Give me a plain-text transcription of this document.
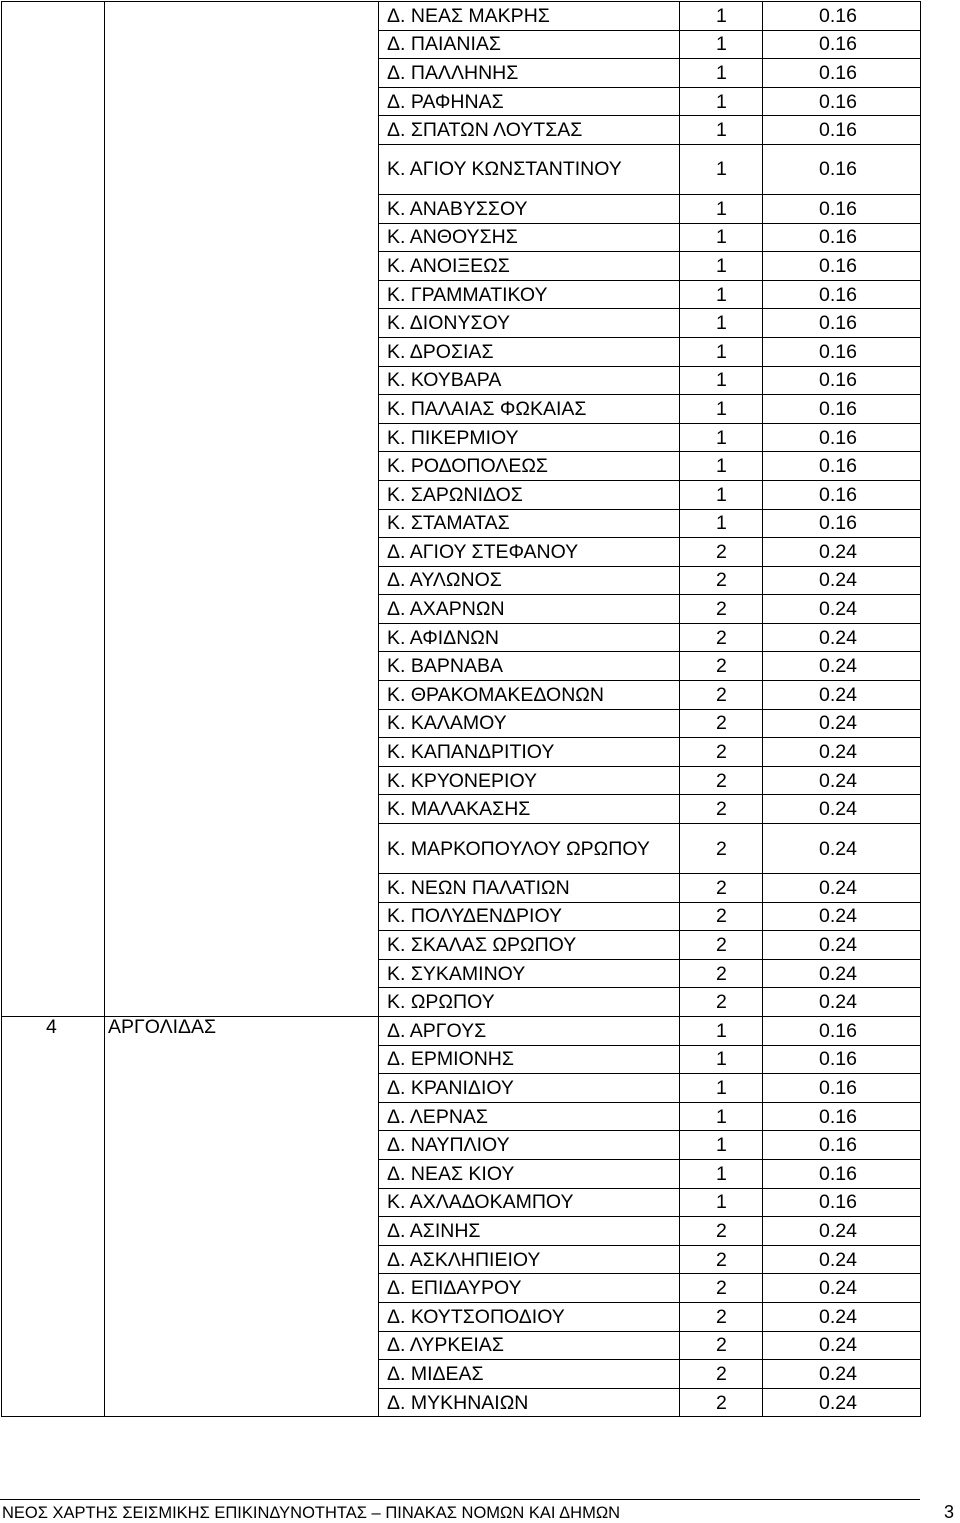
		Δ. ΝΕΑΣ ΜΑΚΡΗΣ	1	0.16
		Δ. ΠΑΙΑΝΙΑΣ	1	0.16
		Δ. ΠΑΛΛΗΝΗΣ	1	0.16
		Δ. ΡΑΦΗΝΑΣ	1	0.16
		Δ. ΣΠΑΤΩΝ ΛΟΥΤΣΑΣ	1	0.16
		Κ. ΑΓΙΟΥ ΚΩΝΣΤΑΝΤΙΝΟΥ	1	0.16
		Κ. ΑΝΑΒΥΣΣΟΥ	1	0.16
		Κ. ΑΝΘΟΥΣΗΣ	1	0.16
		Κ. ΑΝΟΙΞΕΩΣ	1	0.16
		Κ. ΓΡΑΜΜΑΤΙΚΟΥ	1	0.16
		Κ. ΔΙΟΝΥΣΟΥ	1	0.16
		Κ. ΔΡΟΣΙΑΣ	1	0.16
		Κ. ΚΟΥΒΑΡΑ	1	0.16
		Κ. ΠΑΛΑΙΑΣ ΦΩΚΑΙΑΣ	1	0.16
		Κ. ΠΙΚΕΡΜΙΟΥ	1	0.16
		Κ. ΡΟΔΟΠΟΛΕΩΣ	1	0.16
		Κ. ΣΑΡΩΝΙΔΟΣ	1	0.16
		Κ. ΣΤΑΜΑΤΑΣ	1	0.16
		Δ. ΑΓΙΟΥ ΣΤΕΦΑΝΟΥ	2	0.24
		Δ. ΑΥΛΩΝΟΣ	2	0.24
		Δ. ΑΧΑΡΝΩΝ	2	0.24
		Κ. ΑΦΙΔΝΩΝ	2	0.24
		Κ. ΒΑΡΝΑΒΑ	2	0.24
		Κ. ΘΡΑΚΟΜΑΚΕΔΟΝΩΝ	2	0.24
		Κ. ΚΑΛΑΜΟΥ	2	0.24
		Κ. ΚΑΠΑΝΔΡΙΤΙΟΥ	2	0.24
		Κ. ΚΡΥΟΝΕΡΙΟΥ	2	0.24
		Κ. ΜΑΛΑΚΑΣΗΣ	2	0.24
		Κ. ΜΑΡΚΟΠΟΥΛΟΥ ΩΡΩΠΟΥ	2	0.24
		Κ. ΝΕΩΝ ΠΑΛΑΤΙΩΝ	2	0.24
		Κ. ΠΟΛΥΔΕΝΔΡΙΟΥ	2	0.24
		Κ. ΣΚΑΛΑΣ ΩΡΩΠΟΥ	2	0.24
		Κ. ΣΥΚΑΜΙΝΟΥ	2	0.24
		Κ. ΩΡΩΠΟΥ	2	0.24
4	ΑΡΓΟΛΙΔΑΣ	Δ. ΑΡΓΟΥΣ	1	0.16
		Δ. ΕΡΜΙΟΝΗΣ	1	0.16
		Δ. ΚΡΑΝΙΔΙΟΥ	1	0.16
		Δ. ΛΕΡΝΑΣ	1	0.16
		Δ. ΝΑΥΠΛΙΟΥ	1	0.16
		Δ. ΝΕΑΣ ΚΙΟΥ	1	0.16
		Κ. ΑΧΛΑΔΟΚΑΜΠΟΥ	1	0.16
		Δ. ΑΣΙΝΗΣ	2	0.24
		Δ. ΑΣΚΛΗΠΙΕΙΟΥ	2	0.24
		Δ. ΕΠΙΔΑΥΡΟΥ	2	0.24
		Δ. ΚΟΥΤΣΟΠΟΔΙΟΥ	2	0.24
		Δ. ΛΥΡΚΕΙΑΣ	2	0.24
		Δ. ΜΙΔΕΑΣ	2	0.24
		Δ. ΜΥΚΗΝΑΙΩΝ	2	0.24
ΝΕΟΣ ΧΑΡΤΗΣ ΣΕΙΣΜΙΚΗΣ ΕΠΙΚΙΝΔΥΝΟΤΗΤΑΣ – ΠΙΝΑΚΑΣ ΝΟΜΩΝ ΚΑΙ ΔΗΜΩΝ	3
